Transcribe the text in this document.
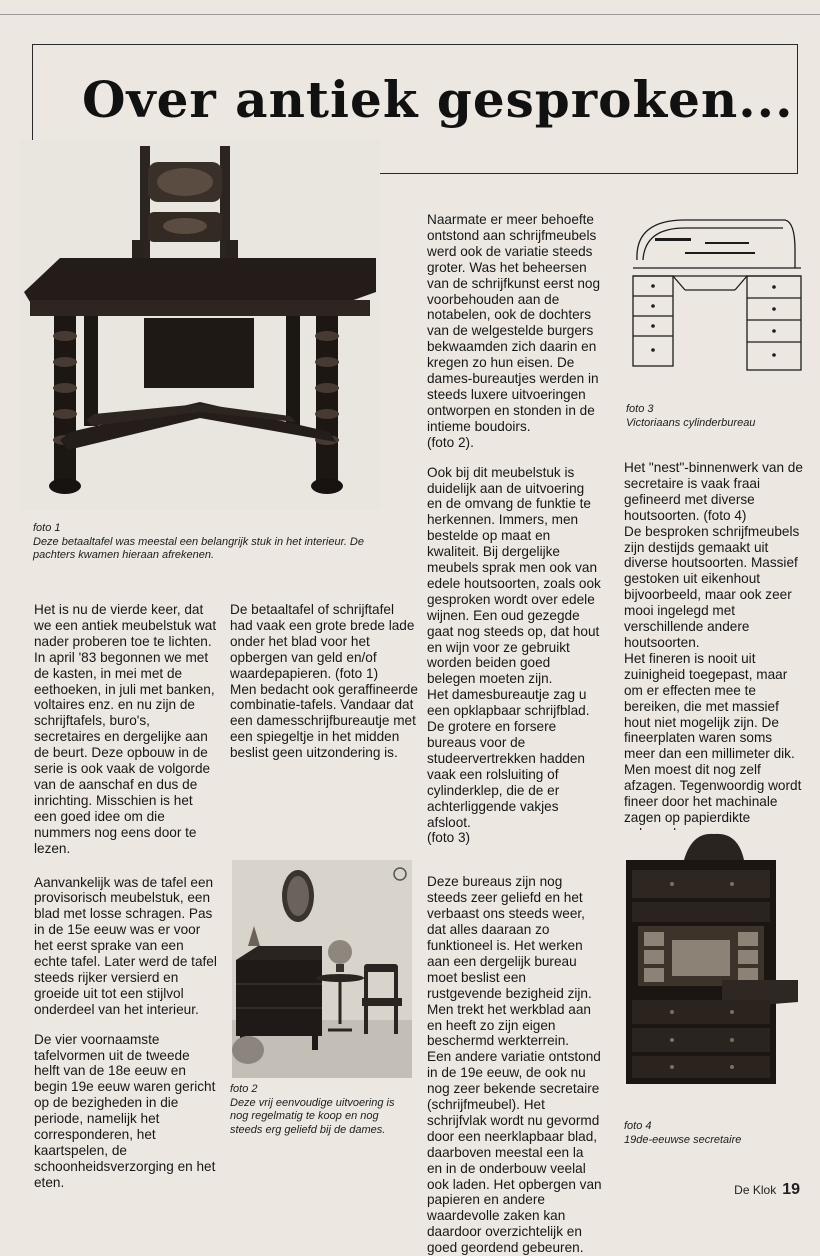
Over antiek gesproken...
foto 1
Deze betaaltafel was meestal een belangrijk stuk in het interieur. De pachters kwamen hieraan afrekenen.

Het is nu de vierde keer, dat we een antiek meubelstuk wat nader proberen toe te lichten. In april '83 begonnen we met de kasten, in mei met de eethoeken, in juli met banken, voltaires enz. en nu zijn de schrijftafels, buro's, secretaires en dergelijke aan de beurt. Deze opbouw in de serie is ook vaak de volgorde van de aanschaf en dus de inrichting. Misschien is het een goed idee om die nummers nog eens door te lezen.

Aanvankelijk was de tafel een provisorisch meubelstuk, een blad met losse schragen. Pas in de 15e eeuw was er voor het eerst sprake van een echte tafel. Later werd de tafel steeds rijker versierd en groeide uit tot een stijlvol onderdeel van het interieur.

De vier voornaamste tafelvormen uit de tweede helft van de 18e eeuw en begin 19e eeuw waren gericht op de bezigheden in die periode, namelijk het corresponderen, het kaartspelen, de schoonheidsverzorging en het eten.

De betaaltafel of schrijftafel had vaak een grote brede lade onder het blad voor het opbergen van geld en/of waardepapieren. (foto 1)

Men bedacht ook geraffineerde combinatie-tafels. Vandaar dat een damesschrijfbureautje met een spiegeltje in het midden beslist geen uitzondering is.

foto 2
Deze vrij eenvoudige uitvoering is nog regelmatig te koop en nog steeds erg geliefd bij de dames.

Naarmate er meer behoefte ontstond aan schrijfmeubels werd ook de variatie steeds groter. Was het beheersen van de schrijfkunst eerst nog voorbehouden aan de notabelen, ook de dochters van de welgestelde burgers bekwaamden zich daarin en kregen zo hun eisen. De dames-bureautjes werden in steeds luxere uitvoeringen ontworpen en stonden in de intieme boudoirs.

(foto 2).

Ook bij dit meubelstuk is duidelijk aan de uitvoering en de omvang de funktie te herkennen. Immers, men bestelde op maat en kwaliteit. Bij dergelijke meubels sprak men ook van edele houtsoorten, zoals ook gesproken wordt over edele wijnen. Een oud gezegde gaat nog steeds op, dat hout en wijn voor ze gebruikt worden beiden goed belegen moeten zijn.

Het damesbureautje zag u een opklapbaar schrijfblad. De grotere en forsere bureaus voor de studeervertrekken hadden vaak een rolsluiting of cylinderklep, die de er achterliggende vakjes afsloot.

(foto 3)

Deze bureaus zijn nog steeds zeer geliefd en het verbaast ons steeds weer, dat alles daaraan zo funktioneel is. Het werken aan een dergelijk bureau moet beslist een rustgevende bezigheid zijn. Men trekt het werkblad aan en heeft zo zijn eigen beschermd werkterrein.

Een andere variatie ontstond in de 19e eeuw, de ook nu nog zeer bekende secretaire (schrijfmeubel). Het schrijfvlak wordt nu gevormd door een neerklapbaar blad, daarboven meestal een la en in de onderbouw veelal ook laden. Het opbergen van papieren en andere waardevolle zaken kan daardoor overzichtelijk en goed geordend gebeuren.

foto 3
Victoriaans cylinderbureau

Het "nest"-binnenwerk van de secretaire is vaak fraai gefineerd met diverse houtsoorten. (foto 4)

De besproken schrijfmeubels zijn destijds gemaakt uit diverse houtsoorten. Massief gestoken uit eikenhout bijvoorbeeld, maar ook zeer mooi ingelegd met verschillende andere houtsoorten.

Het fineren is nooit uit zuinigheid toegepast, maar om er effecten mee te bereiken, die met massief hout niet mogelijk zijn. De fineerplaten waren soms meer dan een millimeter dik. Men moest dit nog zelf afzagen. Tegenwoordig wordt fineer door het machinale zagen op papierdikte

foto 4
19de-eeuwse secretaire
De Klok 19
